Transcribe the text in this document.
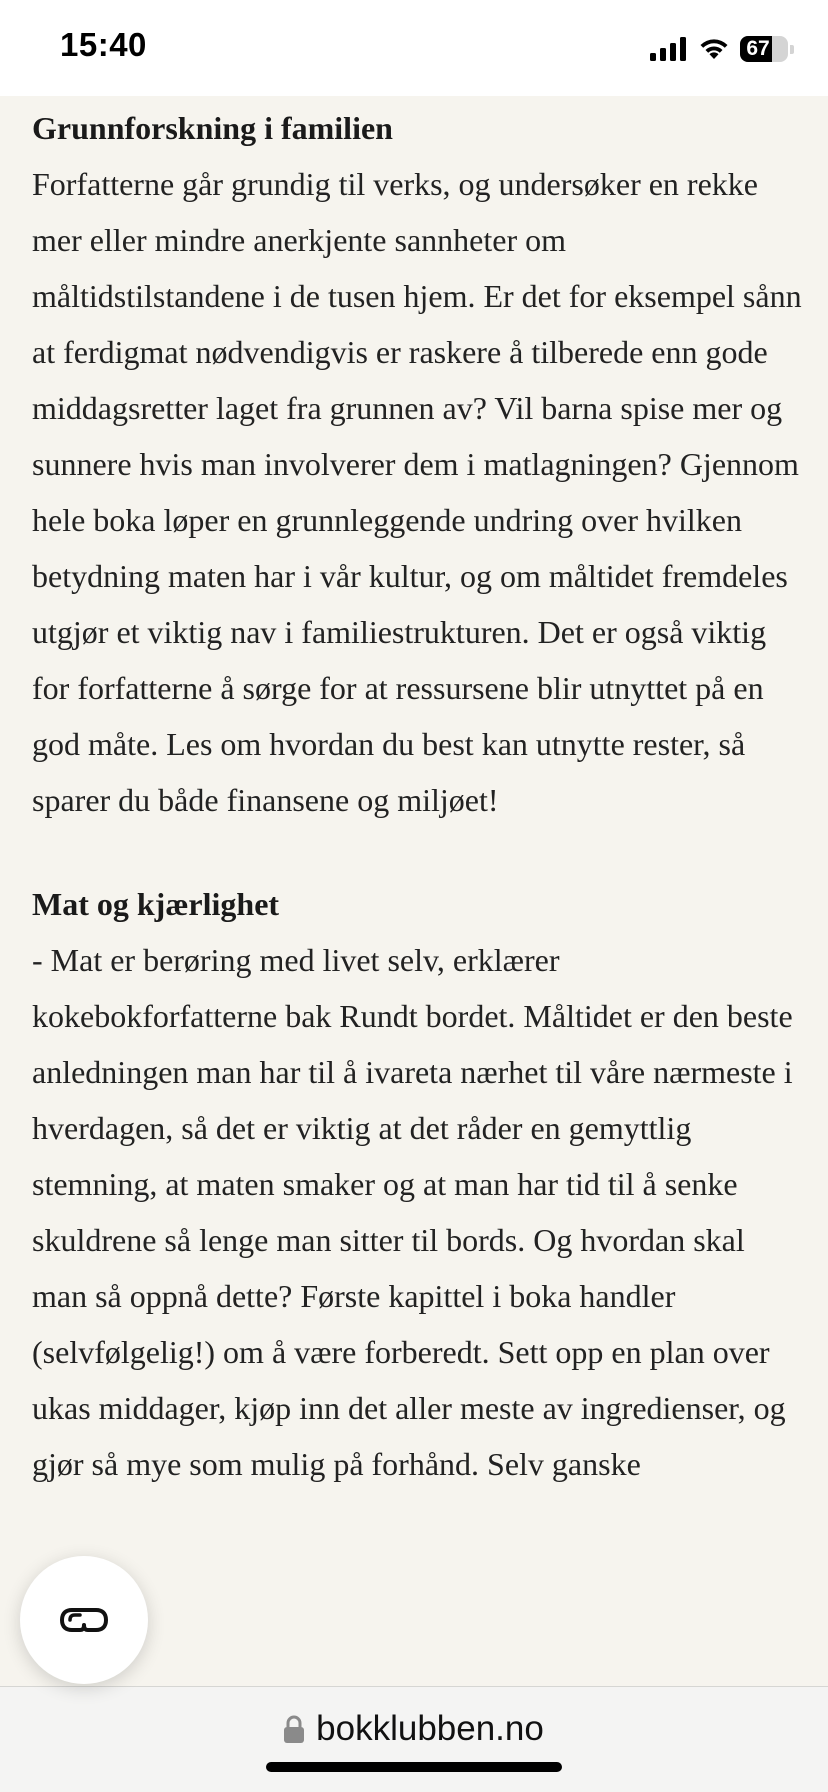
15:40	67
Grunnforskning i familien

Forfatterne går grundig til verks, og undersøker en rekke mer eller mindre anerkjente sannheter om måltidstilstandene i de tusen hjem. Er det for eksempel sånn at ferdigmat nødvendigvis er raskere å tilberede enn gode middagsretter laget fra grunnen av? Vil barna spise mer og sunnere hvis man involverer dem i matlagningen? Gjennom hele boka løper en grunnleggende undring over hvilken betydning maten har i vår kultur, og om måltidet fremdeles utgjør et viktig nav i familiestrukturen. Det er også viktig for forfatterne å sørge for at ressursene blir utnyttet på en god måte. Les om hvordan du best kan utnytte rester, så sparer du både finansene og miljøet!

Mat og kjærlighet

- Mat er berøring med livet selv, erklærer kokebokforfatterne bak Rundt bordet. Måltidet er den beste anledningen man har til å ivareta nærhet til våre nærmeste i hverdagen, så det er viktig at det råder en gemyttlig stemning, at maten smaker og at man har tid til å senke skuldrene så lenge man sitter til bords. Og hvordan skal man så oppnå dette? Første kapittel i boka handler (selvfølgelig!) om å være forberedt. Sett opp en plan over ukas middager, kjøp inn det aller meste av ingredienser, og gjør så mye som mulig på forhånd. Selv ganske

bokklubben.no
